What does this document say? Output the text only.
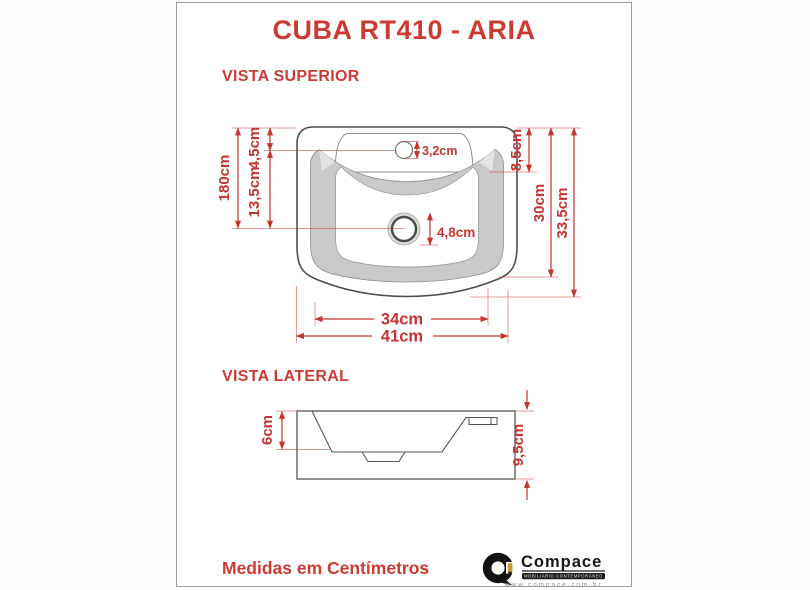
CUBA RT410 - ARIA
VISTA SUPERIOR
VISTA LATERAL
Medidas em Centímetros
180cm
4,5cm
13,5cm
3,2cm
4,8cm
8,5cm
30cm 33,5cm
34cm
41cm
6cm	9,5cm
Compace
MOBILIÁRIO CONTEMPORÂNEO
www.compace.com.br
